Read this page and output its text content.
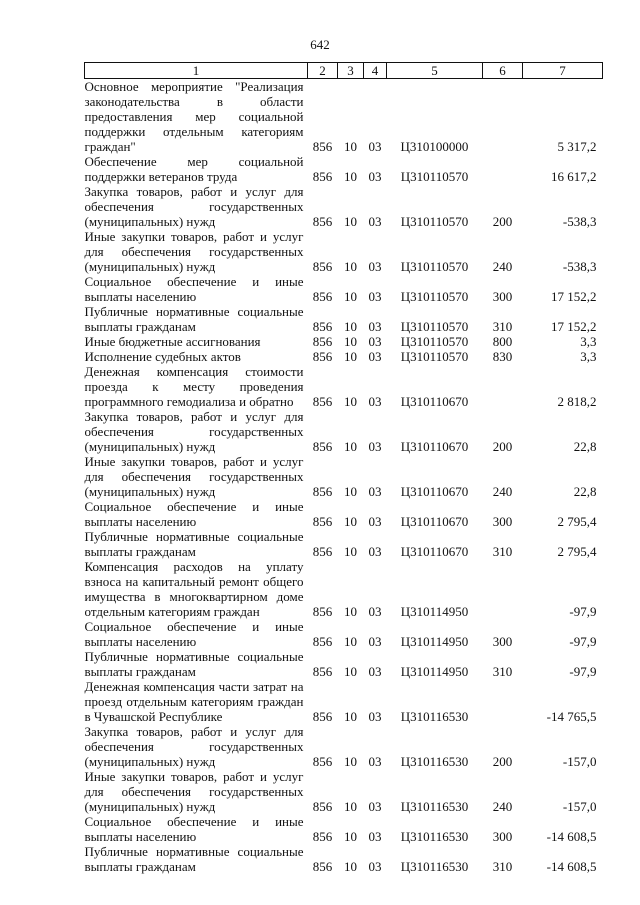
642
1	2	3	4	5	6	7
Основное мероприятие "Реализация законодательства в области предоставления мер социальной поддержки отдельным категориям граждан"	856	10	03	Ц310100000		5 317,2
Обеспечение мер социальной поддержки ветеранов труда	856	10	03	Ц310110570		16 617,2
Закупка товаров, работ и услуг для обеспечения государственных (муниципальных) нужд	856	10	03	Ц310110570	200	-538,3
Иные закупки товаров, работ и услуг для обеспечения государственных (муниципальных) нужд	856	10	03	Ц310110570	240	-538,3
Социальное обеспечение и иные выплаты населению	856	10	03	Ц310110570	300	17 152,2
Публичные нормативные социальные выплаты гражданам	856	10	03	Ц310110570	310	17 152,2
Иные бюджетные ассигнования	856	10	03	Ц310110570	800	3,3
Исполнение судебных актов	856	10	03	Ц310110570	830	3,3
Денежная компенсация стоимости проезда к месту проведения программного гемодиализа и обратно	856	10	03	Ц310110670		2 818,2
Закупка товаров, работ и услуг для обеспечения государственных (муниципальных) нужд	856	10	03	Ц310110670	200	22,8
Иные закупки товаров, работ и услуг для обеспечения государственных (муниципальных) нужд	856	10	03	Ц310110670	240	22,8
Социальное обеспечение и иные выплаты населению	856	10	03	Ц310110670	300	2 795,4
Публичные нормативные социальные выплаты гражданам	856	10	03	Ц310110670	310	2 795,4
Компенсация расходов на уплату взноса на капитальный ремонт общего имущества в многоквартирном доме отдельным категориям граждан	856	10	03	Ц310114950		-97,9
Социальное обеспечение и иные выплаты населению	856	10	03	Ц310114950	300	-97,9
Публичные нормативные социальные выплаты гражданам	856	10	03	Ц310114950	310	-97,9
Денежная компенсация части затрат на проезд отдельным категориям граждан в Чувашской Республике	856	10	03	Ц310116530		-14 765,5
Закупка товаров, работ и услуг для обеспечения государственных (муниципальных) нужд	856	10	03	Ц310116530	200	-157,0
Иные закупки товаров, работ и услуг для обеспечения государственных (муниципальных) нужд	856	10	03	Ц310116530	240	-157,0
Социальное обеспечение и иные выплаты населению	856	10	03	Ц310116530	300	-14 608,5
Публичные нормативные социальные выплаты гражданам	856	10	03	Ц310116530	310	-14 608,5
